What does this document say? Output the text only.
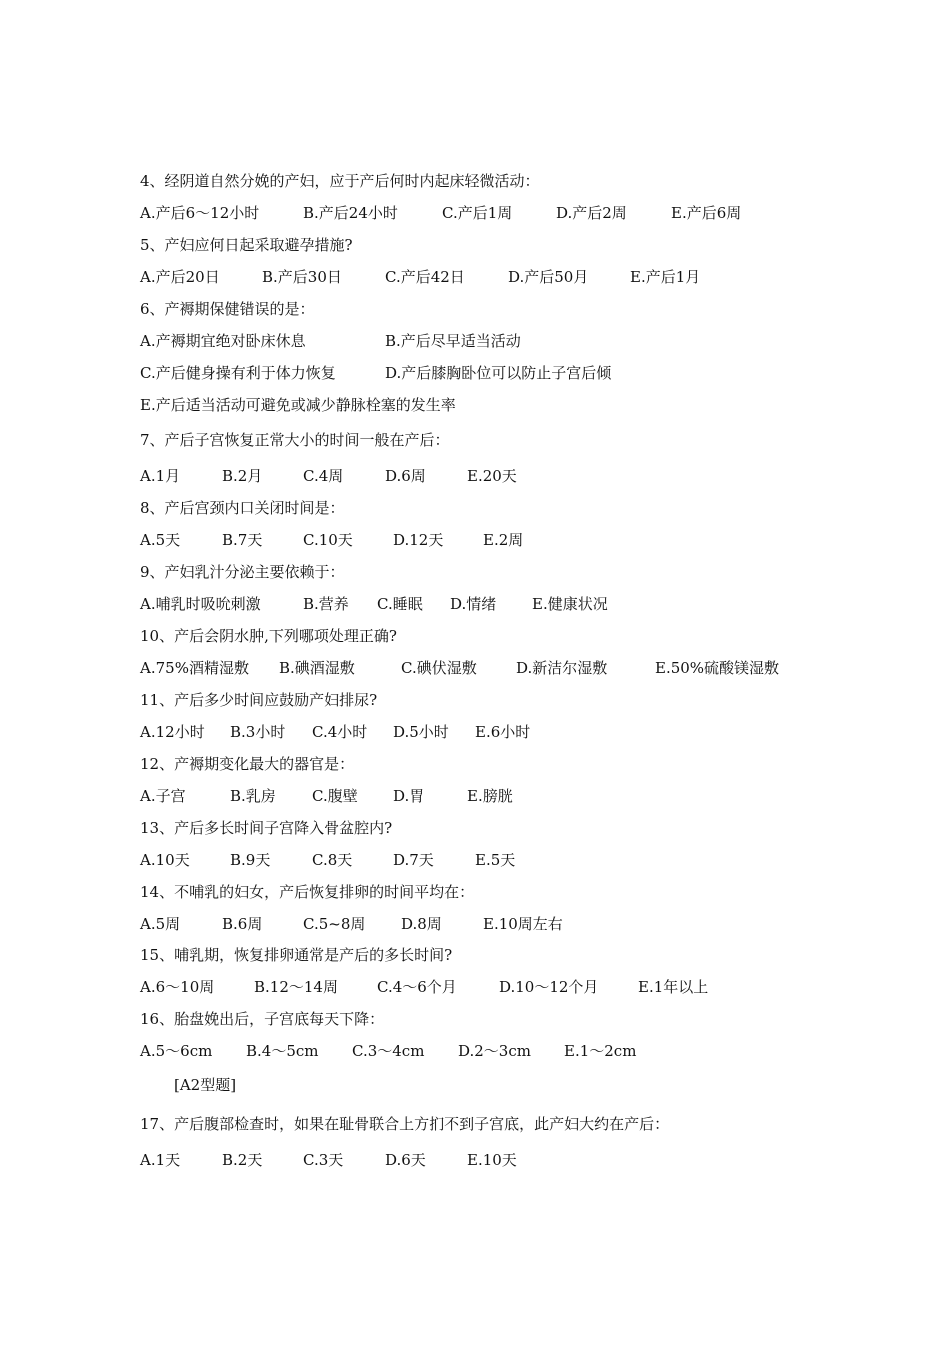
4、经阴道自然分娩的产妇，应于产后何时内起床轻微活动：
A.产后6～12小时	B.产后24小时	C.产后1周	D.产后2周	E.产后6周
5、产妇应何日起采取避孕措施?
A.产后20日	B.产后30日	C.产后42日	D.产后50月	E.产后1月
6、产褥期保健错误的是：
A.产褥期宜绝对卧床休息	B.产后尽早适当活动
C.产后健身操有利于体力恢复	D.产后膝胸卧位可以防止子宫后倾
E.产后适当活动可避免或减少静脉栓塞的发生率
7、产后子宫恢复正常大小的时间一般在产后：
A.1月	B.2月	C.4周	D.6周	E.20天
8、产后宫颈内口关闭时间是：
A.5天	B.7天	C.10天	D.12天	E.2周
9、产妇乳汁分泌主要依赖于：
A.哺乳时吸吮刺激	B.营养 C.睡眠 D.情绪 E.健康状况
10、产后会阴水肿,下列哪项处理正确?
A.75%酒精湿敷 B.碘酒湿敷	C.碘伏湿敷	D.新洁尔湿敷	E.50%硫酸镁湿敷
11、产后多少时间应鼓励产妇排尿?
A.12小时 B.3小时 C.4小时 D.5小时 E.6小时
12、产褥期变化最大的器官是：
A.子宫	B.乳房 C.腹壁 D.胃	E.膀胱
13、产后多长时间子宫降入骨盆腔内?
A.10天	B.9天	C.8天	D.7天	E.5天
14、不哺乳的妇女，产后恢复排卵的时间平均在：
A.5周	B.6周	C.5~8周 D.8周	E.10周左右
15、哺乳期，恢复排卵通常是产后的多长时间?
A.6～10周	B.12～14周	C.4～6个月	D.10～12个月	E.1年以上
16、胎盘娩出后，子宫底每天下降：
A.5～6cm B.4～5cm C.3～4cm D.2～3cm E.1～2cm
[A2型题]
17、产后腹部检查时，如果在耻骨联合上方扪不到子宫底，此产妇大约在产后：
A.1天	B.2天	C.3天	D.6天	E.10天
